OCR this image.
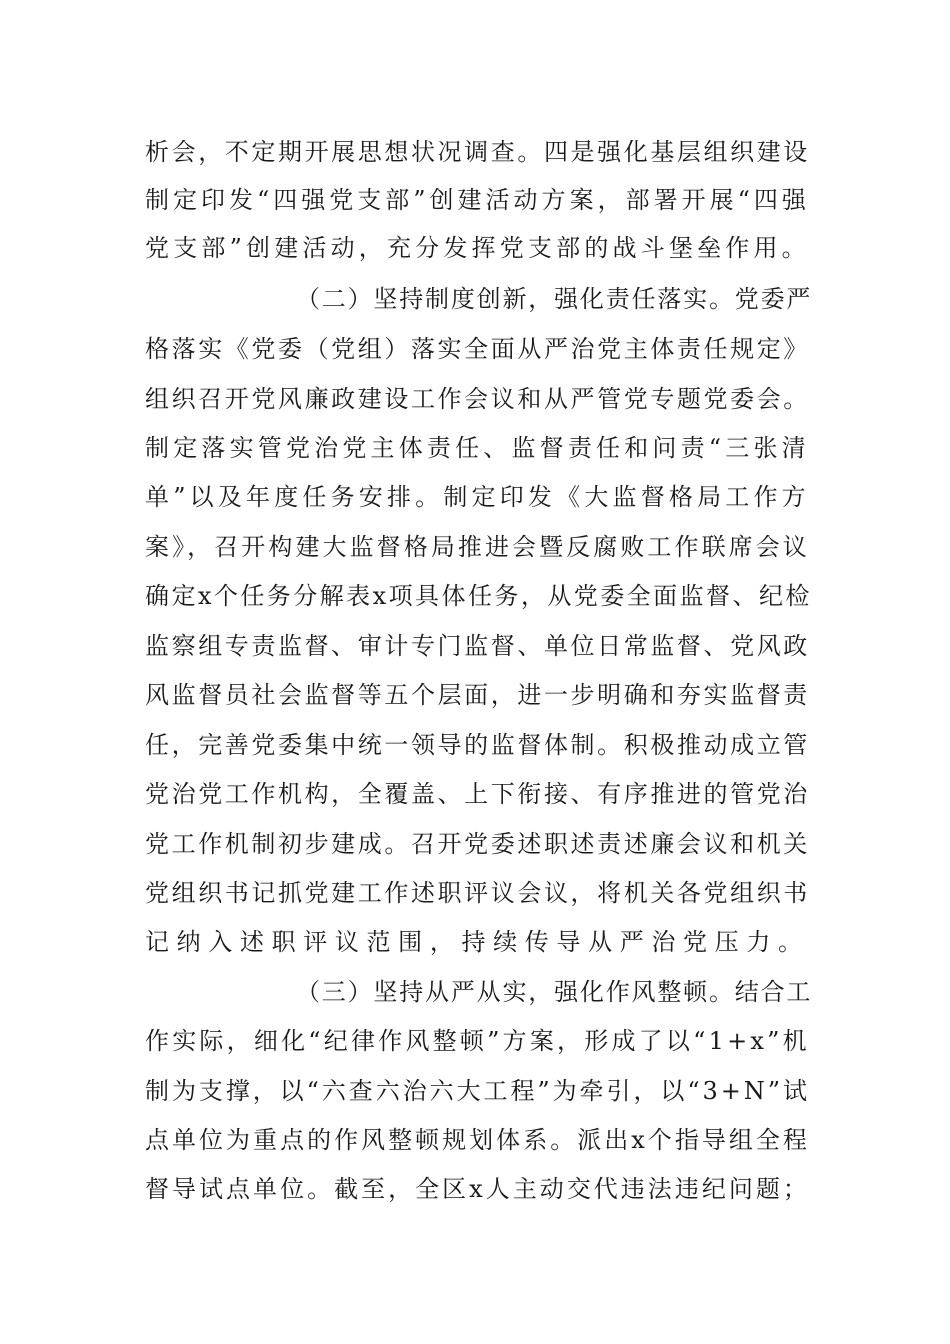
析会，不定期开展思想状况调查。四是强化基层组织建设
制定印发“四强党支部”创建活动方案，部署开展“四强
党支部”创建活动，充分发挥党支部的战斗堡垒作用。
（二）坚持制度创新，强化责任落实。党委严
格落实《党委（党组）落实全面从严治党主体责任规定》
组织召开党风廉政建设工作会议和从严管党专题党委会。
制定落实管党治党主体责任、监督责任和问责“三张清
单”以及年度任务安排。制定印发《大监督格局工作方
案》，召开构建大监督格局推进会暨反腐败工作联席会议
确定x个任务分解表x项具体任务，从党委全面监督、纪检
监察组专责监督、审计专门监督、单位日常监督、党风政
风监督员社会监督等五个层面，进一步明确和夯实监督责
任，完善党委集中统一领导的监督体制。积极推动成立管
党治党工作机构，全覆盖、上下衔接、有序推进的管党治
党工作机制初步建成。召开党委述职述责述廉会议和机关
党组织书记抓党建工作述职评议会议，将机关各党组织书
记纳入述职评议范围，持续传导从严治党压力。
（三）坚持从严从实，强化作风整顿。结合工
作实际，细化“纪律作风整顿”方案，形成了以“1+x”机
制为支撑，以“六查六治六大工程”为牵引，以“3+N”试
点单位为重点的作风整顿规划体系。派出x个指导组全程
督导试点单位。截至，全区x人主动交代违法违纪问题；
